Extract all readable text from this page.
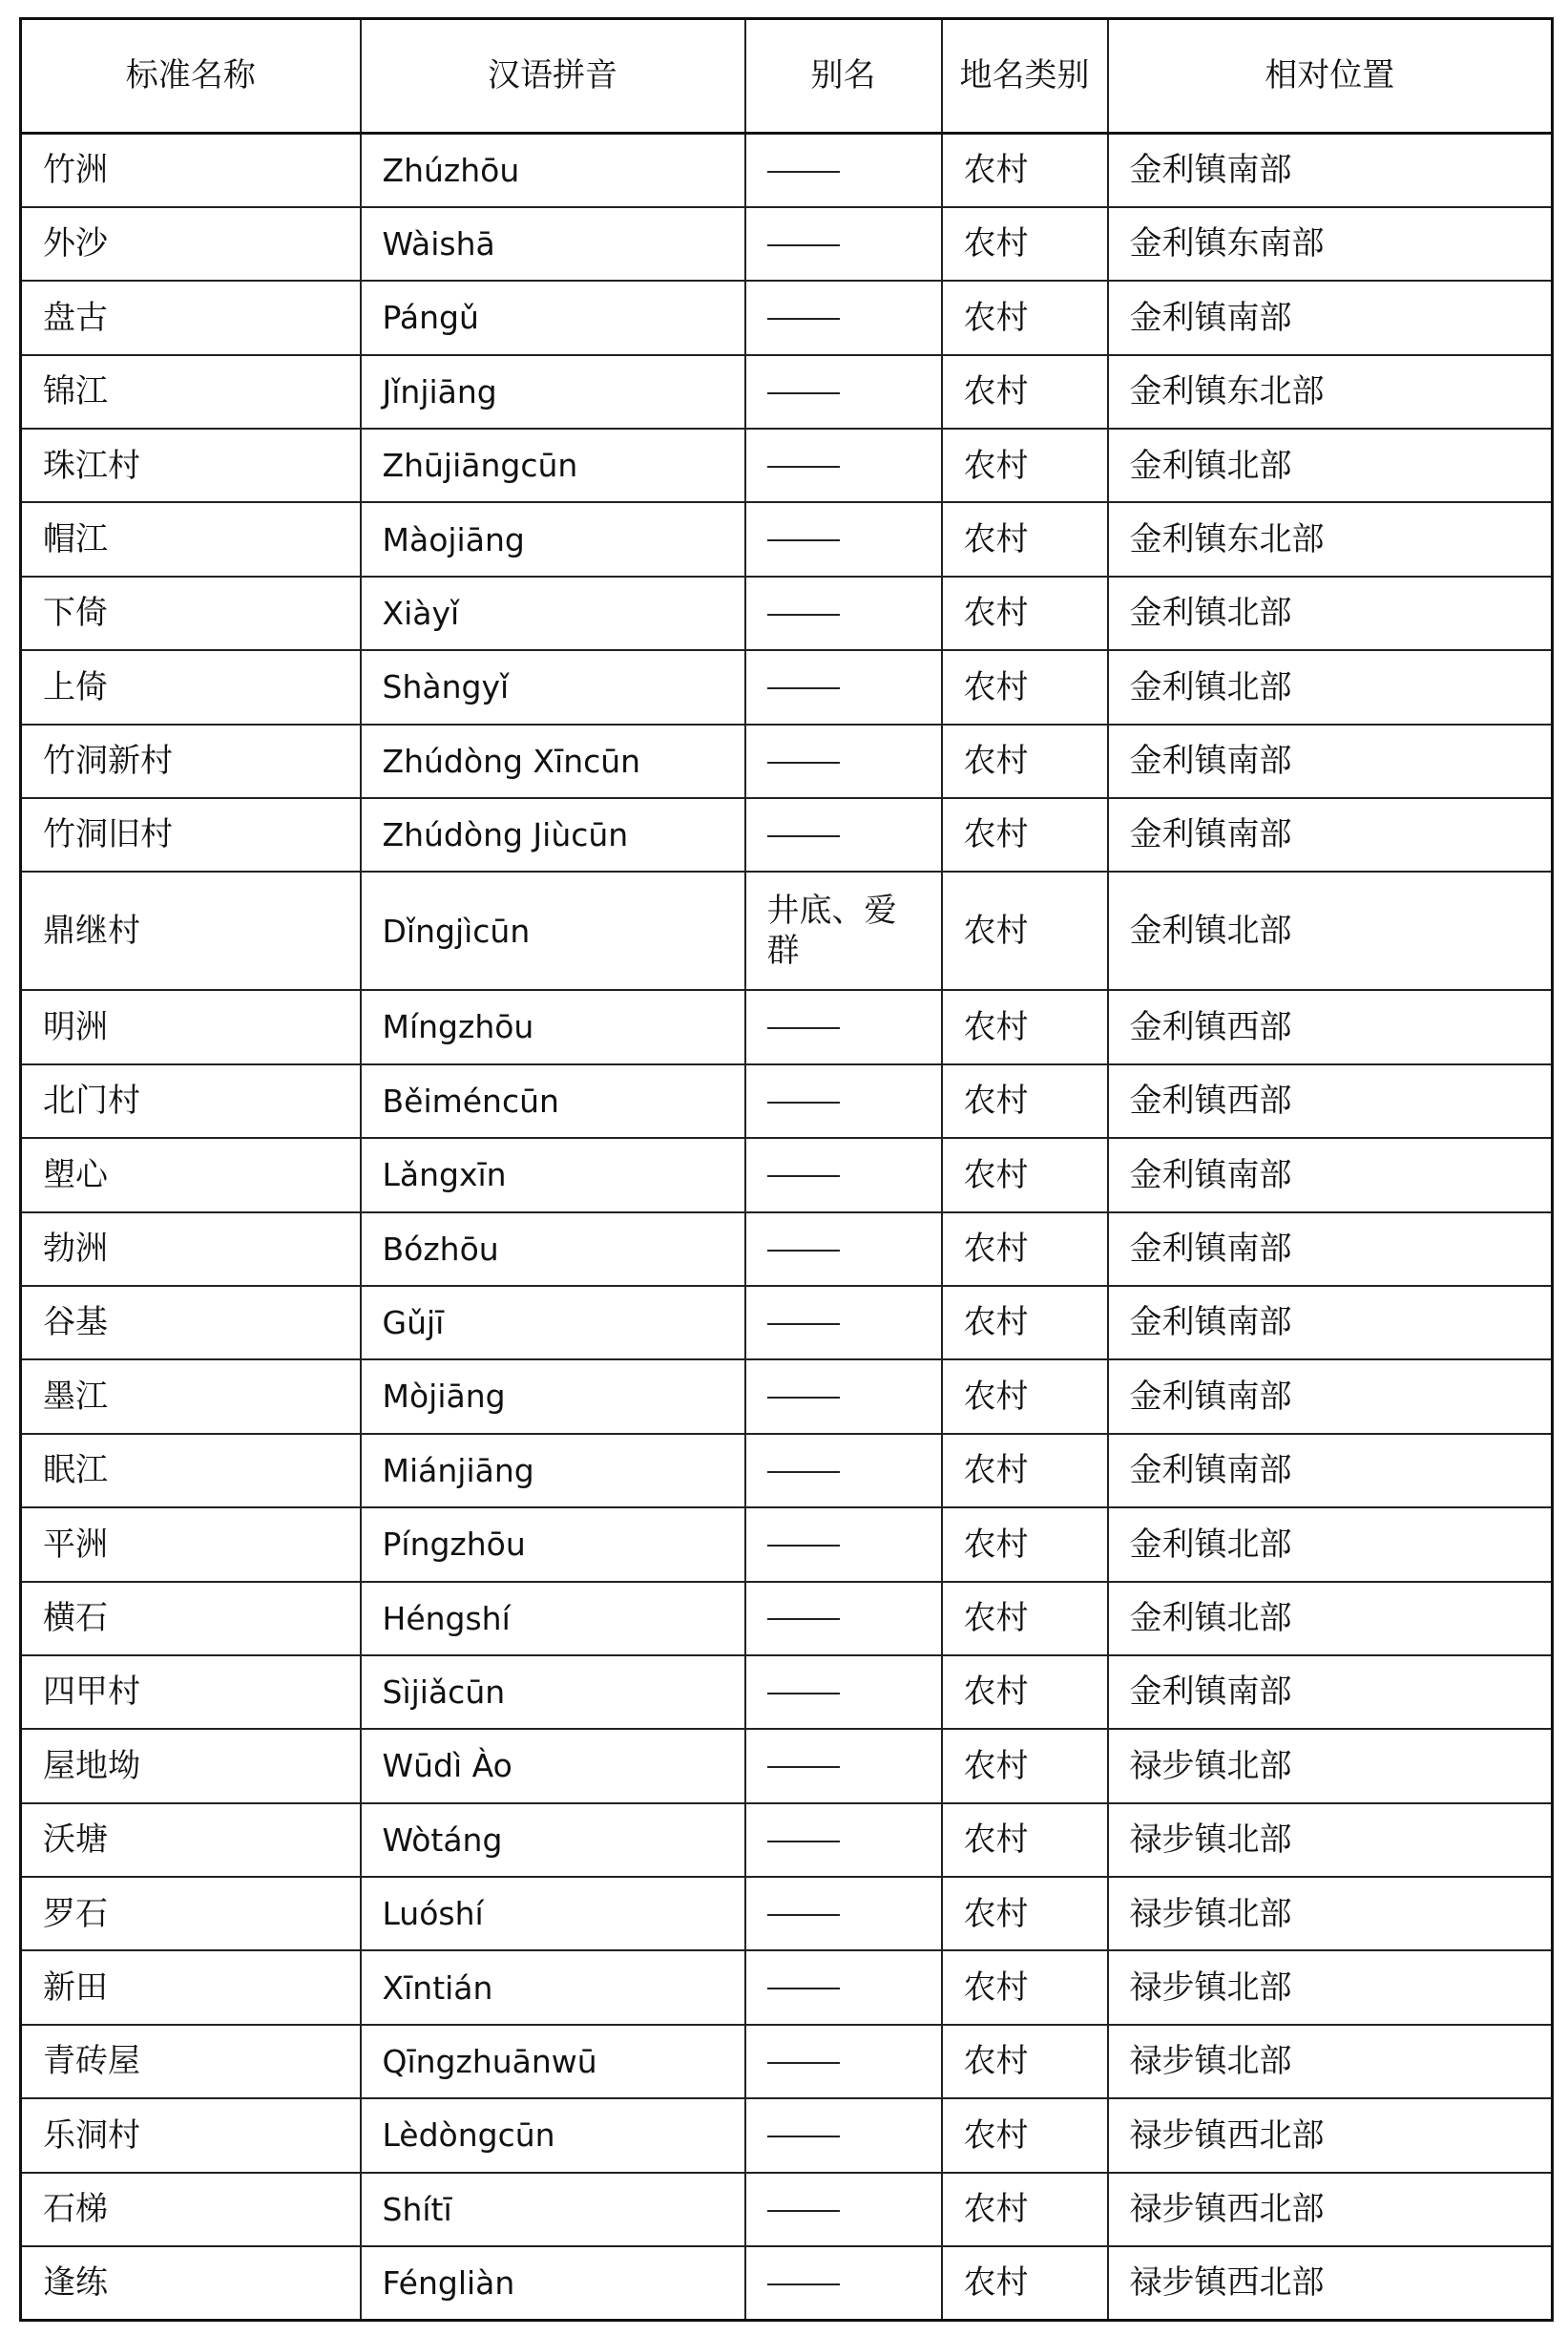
标准名称	汉语拼音	别名	地名类别	相对位置
竹洲	Zhúzhōu		农村	金利镇南部
外沙	Wàishā		农村	金利镇东南部
盘古	Pángǔ		农村	金利镇南部
锦江	Jǐnjiāng		农村	金利镇东北部
珠江村	Zhūjiāngcūn		农村	金利镇北部
帽江	Màojiāng		农村	金利镇东北部
下倚	Xiàyǐ		农村	金利镇北部
上倚	Shàngyǐ		农村	金利镇北部
竹洞新村	Zhúdòng Xīncūn		农村	金利镇南部
竹洞旧村	Zhúdòng Jiùcūn		农村	金利镇南部
鼎继村	Dǐngjìcūn	井底、爱群	农村	金利镇北部
明洲	Míngzhōu		农村	金利镇西部
北门村	Běiméncūn		农村	金利镇西部
塱心	Lǎngxīn		农村	金利镇南部
勃洲	Bózhōu		农村	金利镇南部
谷基	Gǔjī		农村	金利镇南部
墨江	Mòjiāng		农村	金利镇南部
眠江	Miánjiāng		农村	金利镇南部
平洲	Píngzhōu		农村	金利镇北部
横石	Héngshí		农村	金利镇北部
四甲村	Sìjiǎcūn		农村	金利镇南部
屋地坳	Wūdì Ào		农村	禄步镇北部
沃塘	Wòtáng		农村	禄步镇北部
罗石	Luóshí		农村	禄步镇北部
新田	Xīntián		农村	禄步镇北部
青砖屋	Qīngzhuānwū		农村	禄步镇北部
乐洞村	Lèdòngcūn		农村	禄步镇西北部
石梯	Shítī		农村	禄步镇西北部
逢练	Féngliàn		农村	禄步镇西北部
